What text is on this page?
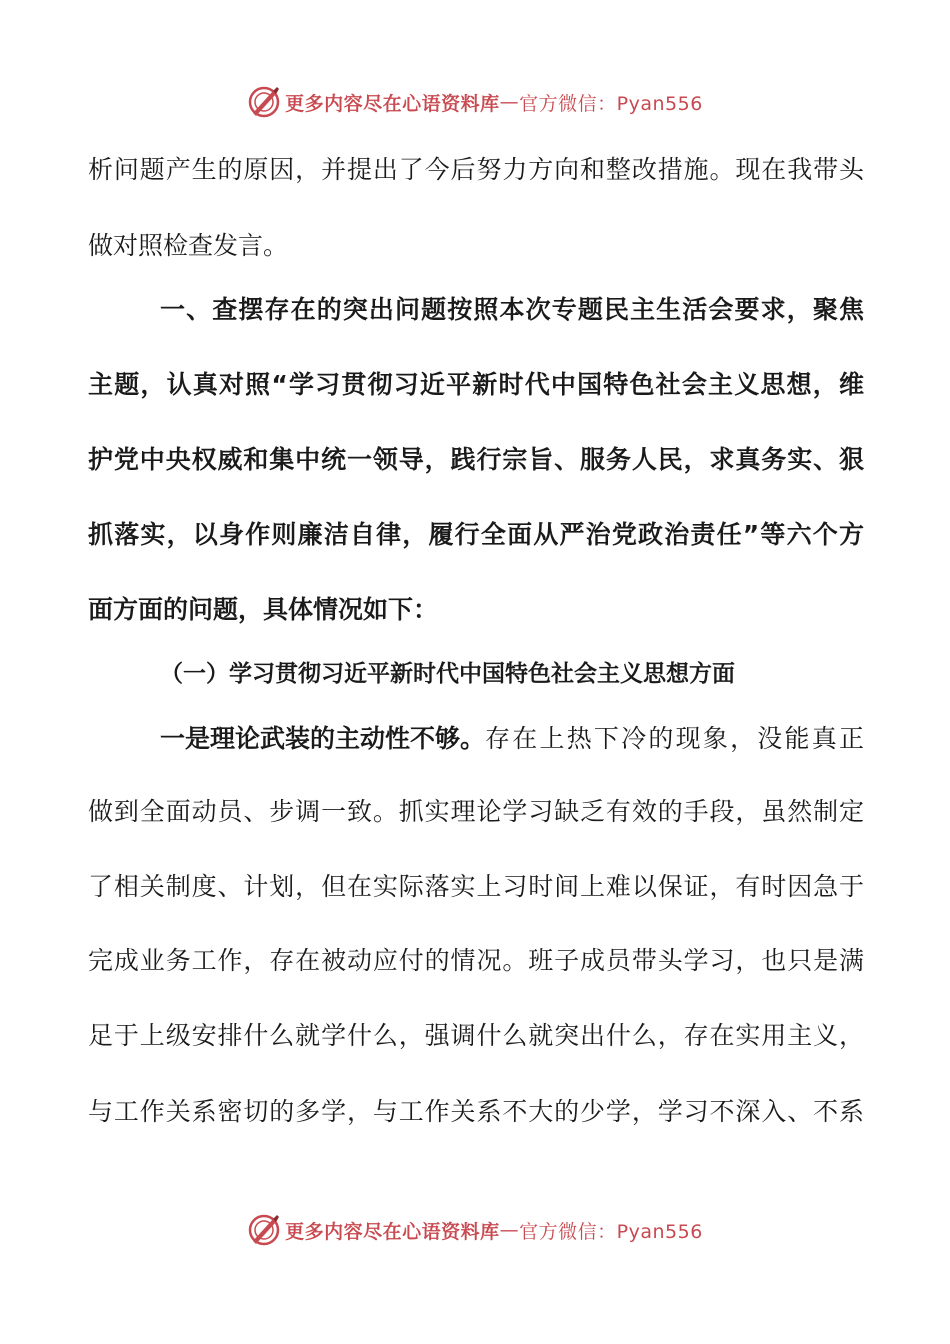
更多内容尽在心语资料库 — 官方微信：Pyan556
析问题产生的原因，并提出了今后努力方向和整改措施。现在我带头
做对照检查发言。
一、查摆存在的突出问题按照本次专题民主生活会要求，聚焦
主题，认真对照“学习贯彻习近平新时代中国特色社会主义思想，维
护党中央权威和集中统一领导，践行宗旨、服务人民，求真务实、狠
抓落实，以身作则廉洁自律，履行全面从严治党政治责任”等六个方
面方面的问题，具体情况如下：
（一）学习贯彻习近平新时代中国特色社会主义思想方面
一是理论武装的主动性不够。 存在上热下冷的现象，没能真正
做到全面动员、步调一致。抓实理论学习缺乏有效的手段，虽然制定
了相关制度、计划，但在实际落实上习时间上难以保证，有时因急于
完成业务工作，存在被动应付的情况。班子成员带头学习，也只是满
足于上级安排什么就学什么，强调什么就突出什么，存在实用主义，
与工作关系密切的多学，与工作关系不大的少学，学习不深入、不系
更多内容尽在心语资料库 — 官方微信：Pyan556
